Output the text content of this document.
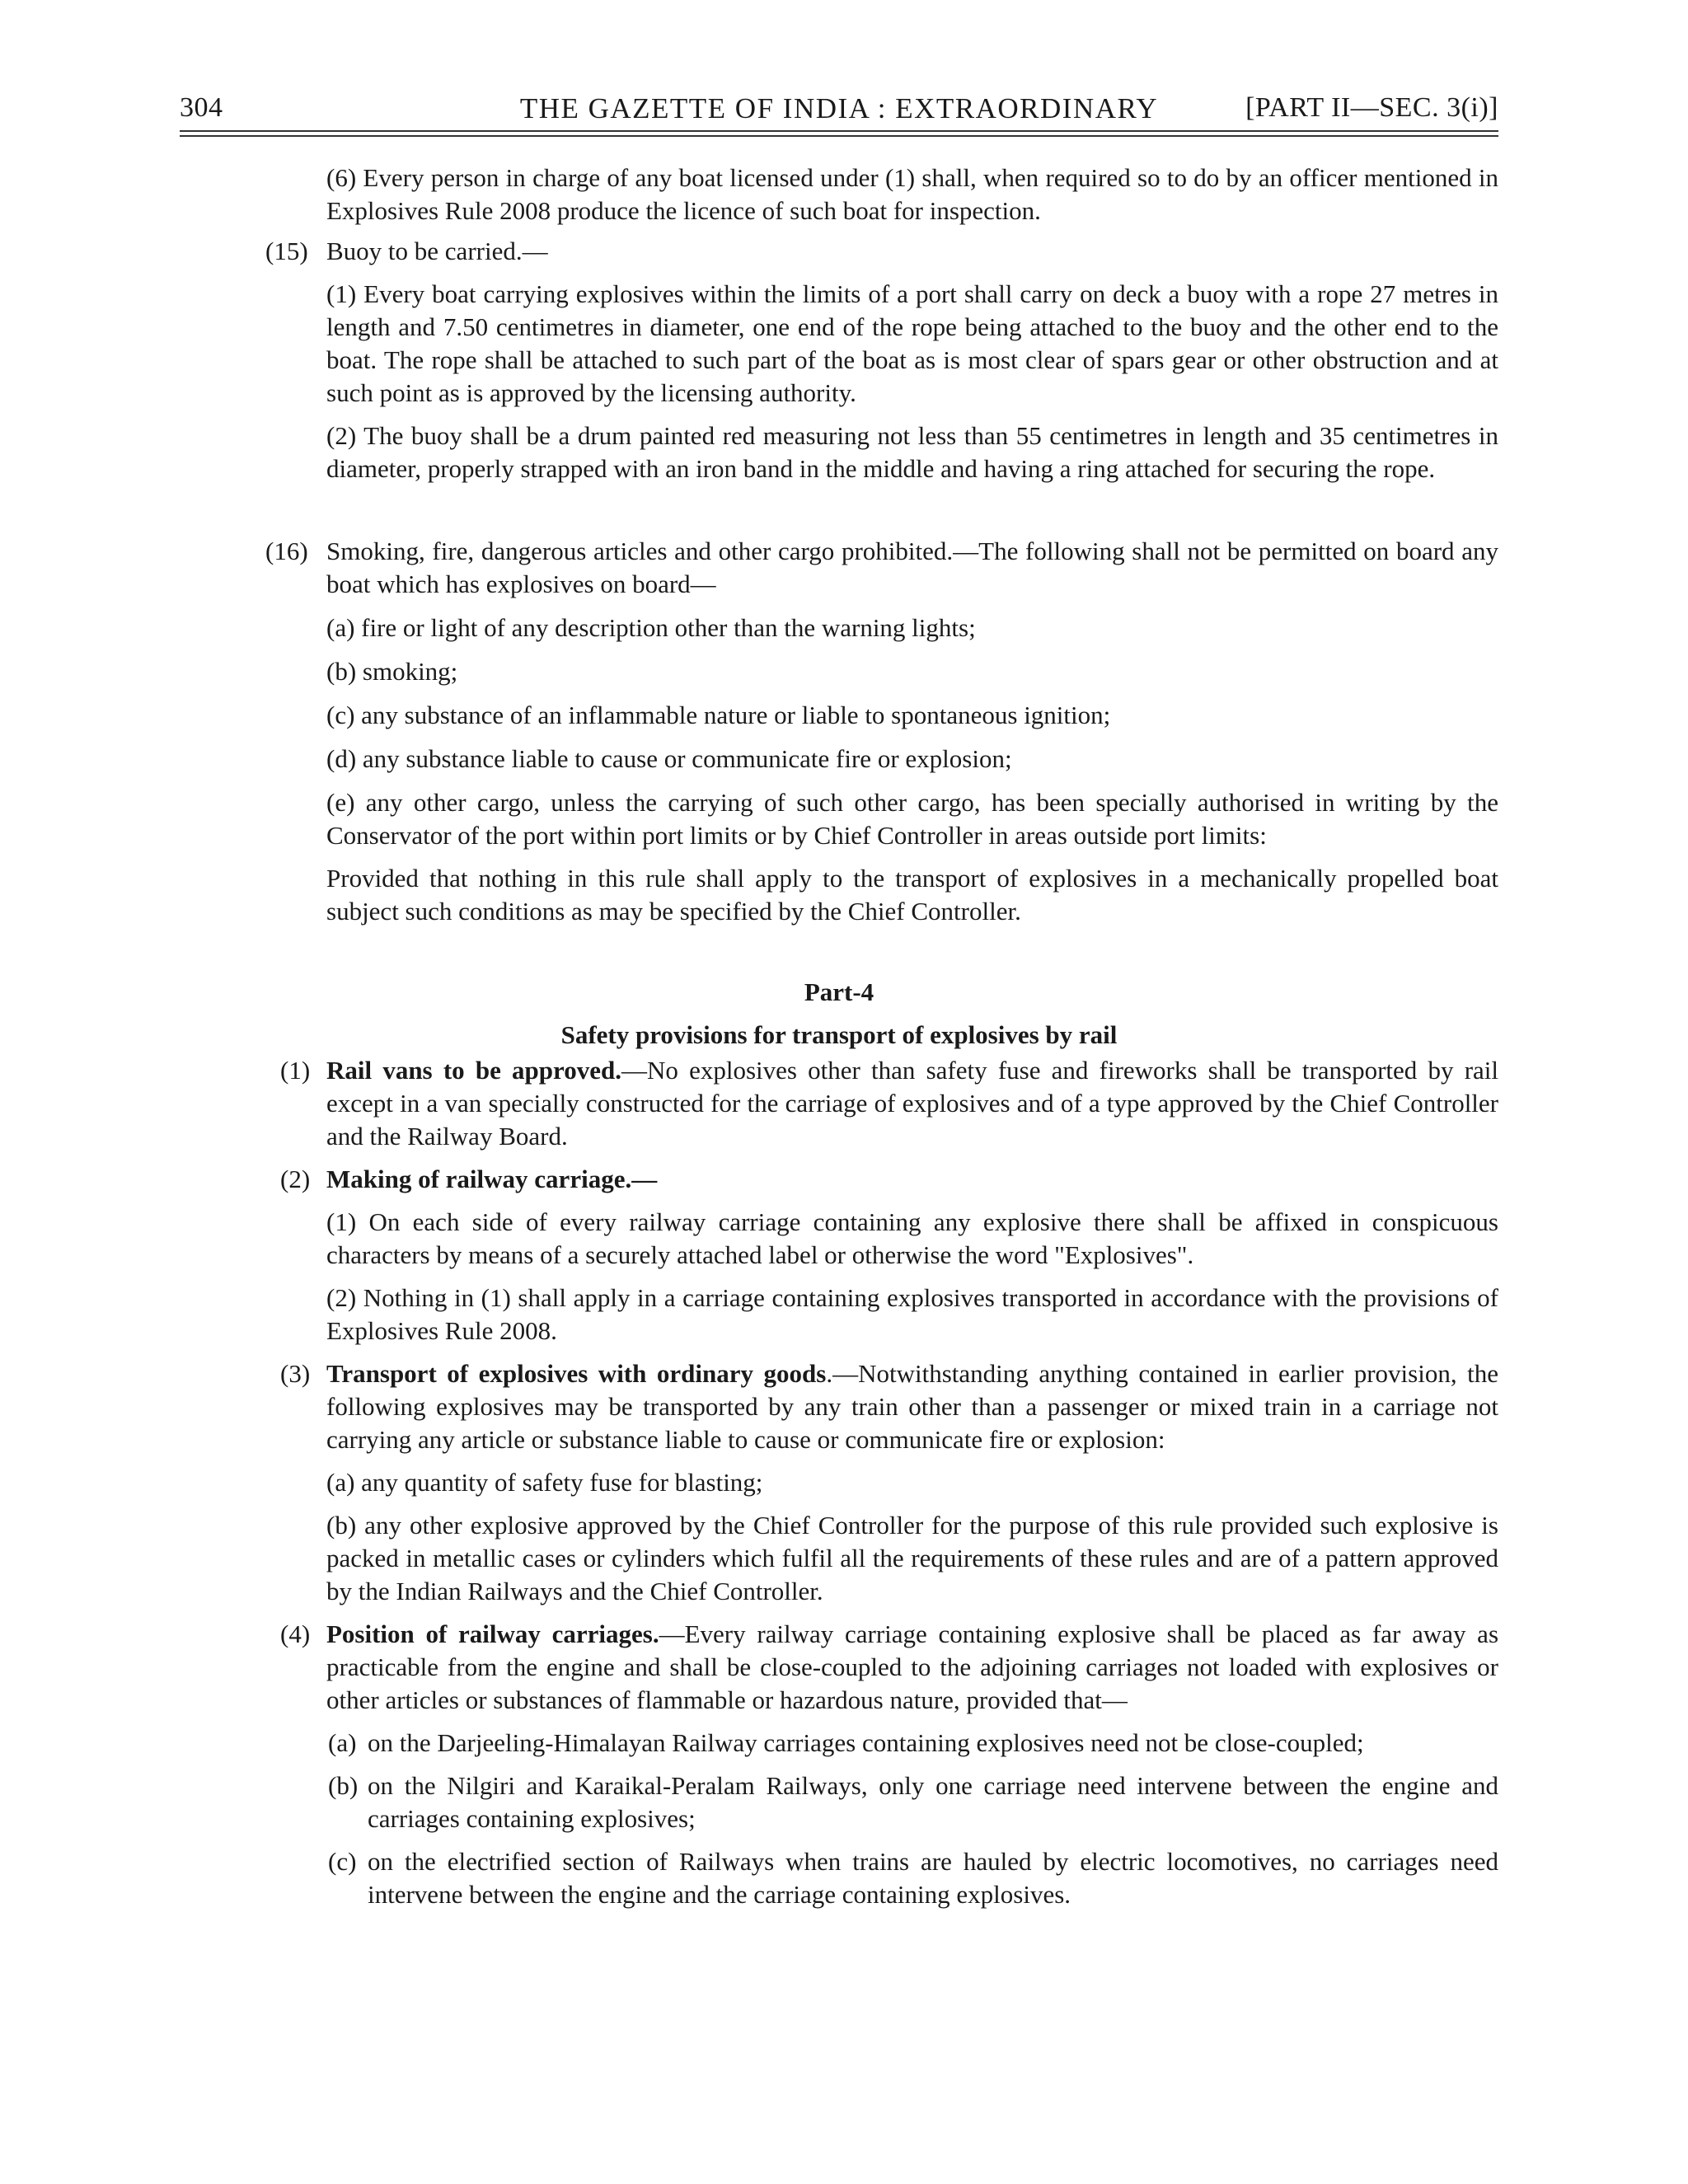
304	THE GAZETTE OF INDIA : EXTRAORDINARY	[PART II—SEC. 3(i)]

(6) Every person in charge of any boat licensed under (1) shall, when required so to do by an officer mentioned in Explosives Rule 2008 produce the licence of such boat for inspection.

(15) Buoy to be carried.—

(1) Every boat carrying explosives within the limits of a port shall carry on deck a buoy with a rope 27 metres in length and 7.50 centimetres in diameter, one end of the rope being attached to the buoy and the other end to the boat. The rope shall be attached to such part of the boat as is most clear of spars gear or other obstruction and at such point as is approved by the licensing authority.

(2) The buoy shall be a drum painted red measuring not less than 55 centimetres in length and 35 centimetres in diameter, properly strapped with an iron band in the middle and having a ring attached for securing the rope.

(16) Smoking, fire, dangerous articles and other cargo prohibited.—The following shall not be permitted on board any boat which has explosives on board—

(a) fire or light of any description other than the warning lights;

(b) smoking;

(c) any substance of an inflammable nature or liable to spontaneous ignition;

(d) any substance liable to cause or communicate fire or explosion;

(e) any other cargo, unless the carrying of such other cargo, has been specially authorised in writing by the Conservator of the port within port limits or by Chief Controller in areas outside port limits:

Provided that nothing in this rule shall apply to the transport of explosives in a mechanically propelled boat subject such conditions as may be specified by the Chief Controller.

Part-4

Safety provisions for transport of explosives by rail

(1) Rail vans to be approved.—No explosives other than safety fuse and fireworks shall be transported by rail except in a van specially constructed for the carriage of explosives and of a type approved by the Chief Controller and the Railway Board.

(2) Making of railway carriage.—

(1) On each side of every railway carriage containing any explosive there shall be affixed in conspicuous characters by means of a securely attached label or otherwise the word "Explosives".

(2) Nothing in (1) shall apply in a carriage containing explosives transported in accordance with the provisions of Explosives Rule 2008.

(3) Transport of explosives with ordinary goods.—Notwithstanding anything contained in earlier provision, the following explosives may be transported by any train other than a passenger or mixed train in a carriage not carrying any article or substance liable to cause or communicate fire or explosion:

(a) any quantity of safety fuse for blasting;

(b) any other explosive approved by the Chief Controller for the purpose of this rule provided such explosive is packed in metallic cases or cylinders which fulfil all the requirements of these rules and are of a pattern approved by the Indian Railways and the Chief Controller.

(4) Position of railway carriages.—Every railway carriage containing explosive shall be placed as far away as practicable from the engine and shall be close-coupled to the adjoining carriages not loaded with explosives or other articles or substances of flammable or hazardous nature, provided that—

(a) on the Darjeeling-Himalayan Railway carriages containing explosives need not be close-coupled;

(b) on the Nilgiri and Karaikal-Peralam Railways, only one carriage need intervene between the engine and carriages containing explosives;

(c) on the electrified section of Railways when trains are hauled by electric locomotives, no carriages need intervene between the engine and the carriage containing explosives.
